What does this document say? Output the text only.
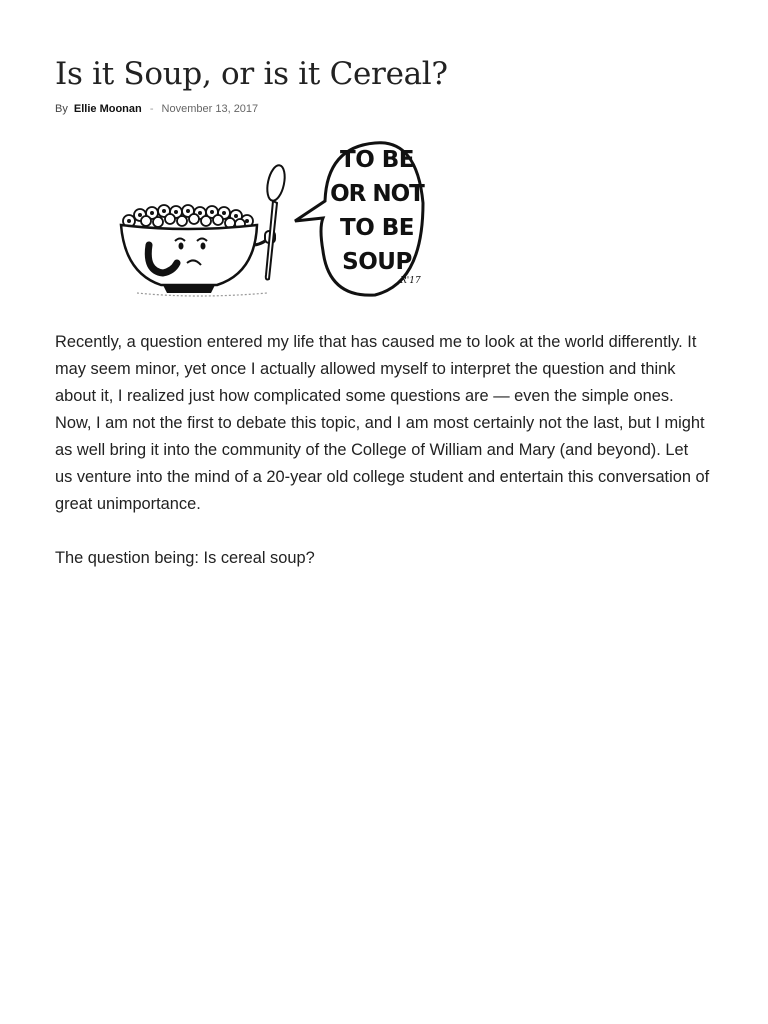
Is it Soup, or is it Cereal?
By Ellie Moonan - November 13, 2017
TO BE
OR NOT
TO BE
SOUP
R'17

Recently, a question entered my life that has caused me to look at the world differently. It may seem minor, yet once I actually allowed myself to interpret the question and think about it, I realized just how complicated some questions are — even the simple ones. Now, I am not the first to debate this topic, and I am most certainly not the last, but I might as well bring it into the community of the College of William and Mary (and beyond). Let us venture into the mind of a 20-year old college student and entertain this conversation of great unimportance.

The question being: Is cereal soup?
